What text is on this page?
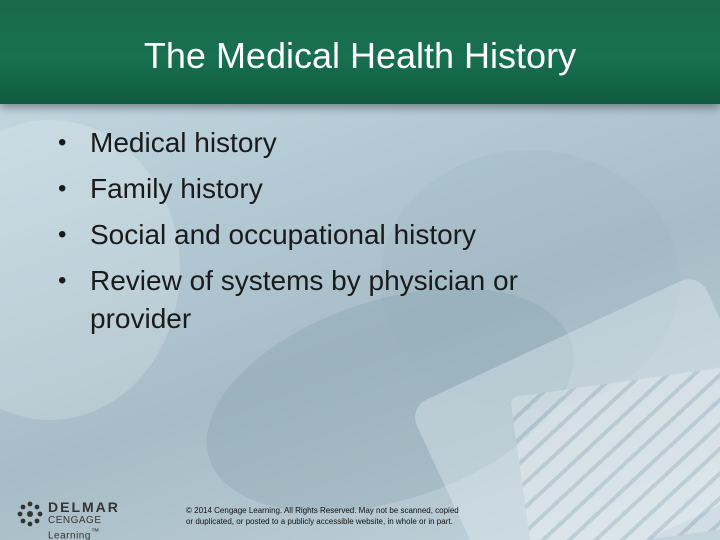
The Medical Health History
• Medical history
• Family history
• Social and occupational history
• Review of systems by physician or provider
DELMAR
CENGAGE Learning™
© 2014 Cengage Learning. All Rights Reserved. May not be scanned, copied
or duplicated, or posted to a publicly accessible website, in whole or in part.
